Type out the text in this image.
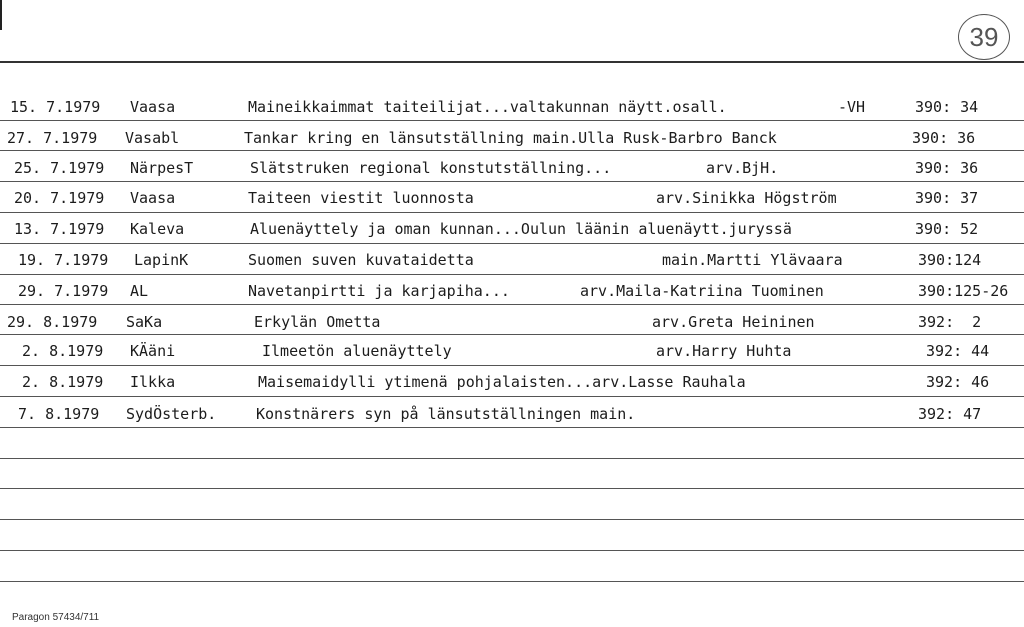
39
15. 7.1979 Vaasa	Maineikkaimmat taiteilijat...valtakunnan näytt.osall.	-VH	390: 34
27. 7.1979 Vasabl	Tankar kring en länsutställning main.Ulla Rusk-Barbro Banck	390: 36
25. 7.1979 NärpesT	Slätstruken regional konstutställning...	arv.BjH.	390: 36
20. 7.1979 Vaasa	Taiteen viestit luonnosta	arv.Sinikka Högström	390: 37
13. 7.1979 Kaleva	Aluenäyttely ja oman kunnan...Oulun läänin aluenäytt.juryssä	390: 52
19. 7.1979 LapinK	Suomen suven kuvataidetta	main.Martti Ylävaara	390:124
29. 7.1979 AL	Navetanpirtti ja karjapiha...	arv.Maila-Katriina Tuominen	390:125-26
29. 8.1979 SaKa	Erkylän Ometta	arv.Greta Heininen	392:  2
2. 8.1979 KÄäni	Ilmeetön aluenäyttely	arv.Harry Huhta	392: 44
2. 8.1979 Ilkka	Maisemaidylli ytimenä pohjalaisten...arv.Lasse Rauhala	392: 46
7. 8.1979 SydÖsterb.	Konstnärers syn på länsutställningen main.	392: 47
Paragon 57434/711
